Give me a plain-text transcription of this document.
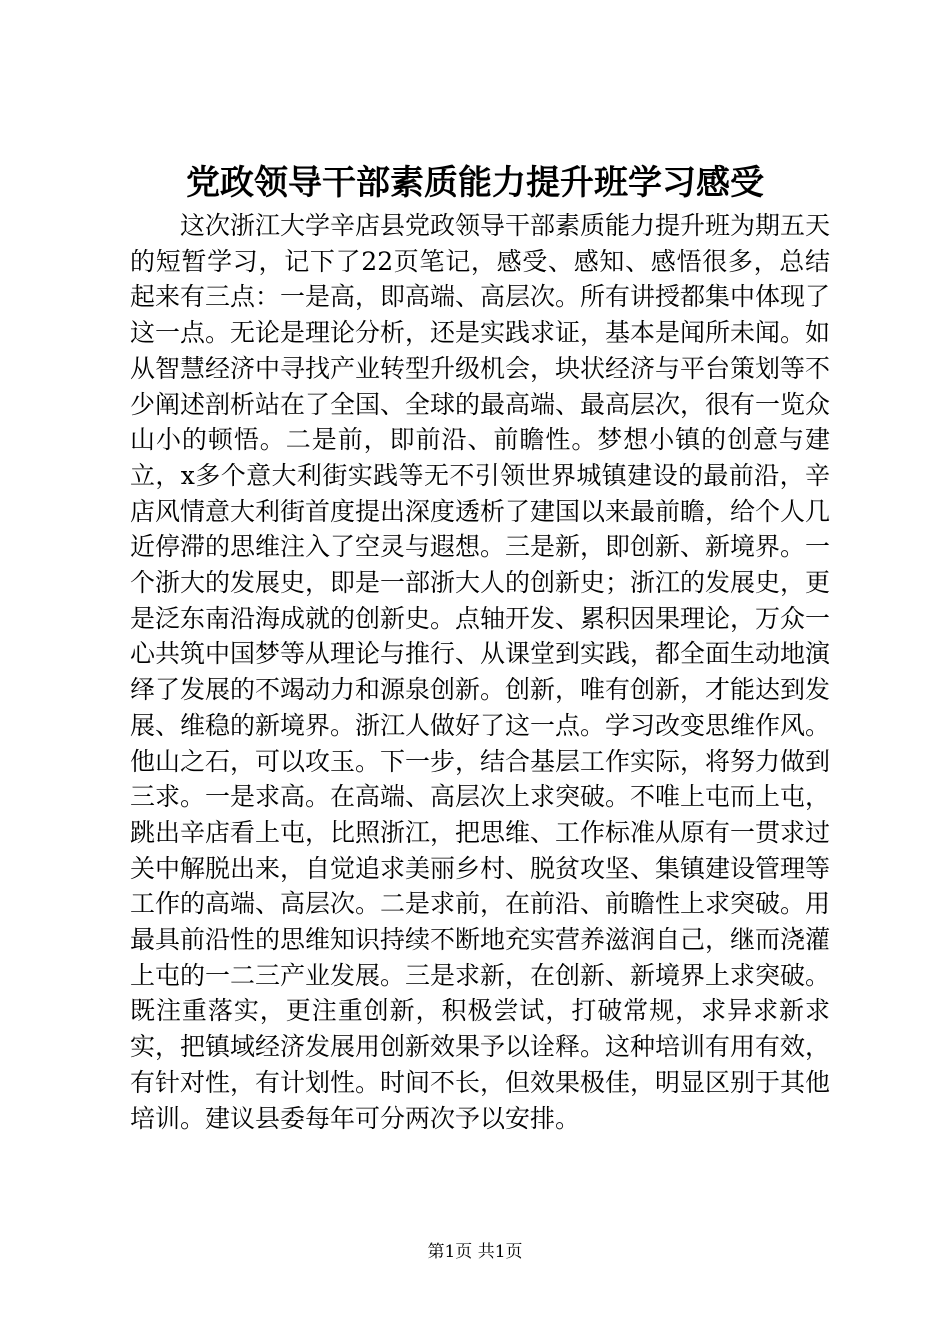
党政领导干部素质能力提升班学习感受

这次浙江大学辛店县党政领导干部素质能力提升班为期五天的短暂学习，记下了22页笔记，感受、感知、感悟很多，总结起来有三点：一是高，即高端、高层次。所有讲授都集中体现了这一点。无论是理论分析，还是实践求证，基本是闻所未闻。如从智慧经济中寻找产业转型升级机会，块状经济与平台策划等不少阐述剖析站在了全国、全球的最高端、最高层次，很有一览众山小的顿悟。二是前，即前沿、前瞻性。梦想小镇的创意与建立，x多个意大利街实践等无不引领世界城镇建设的最前沿，辛店风情意大利街首度提出深度透析了建国以来最前瞻，给个人几近停滞的思维注入了空灵与遐想。三是新，即创新、新境界。一个浙大的发展史，即是一部浙大人的创新史；浙江的发展史，更是泛东南沿海成就的创新史。点轴开发、累积因果理论，万众一心共筑中国梦等从理论与推行、从课堂到实践，都全面生动地演绎了发展的不竭动力和源泉创新。创新，唯有创新，才能达到发展、维稳的新境界。浙江人做好了这一点。学习改变思维作风。他山之石，可以攻玉。下一步，结合基层工作实际，将努力做到三求。一是求高。在高端、高层次上求突破。不唯上屯而上屯，跳出辛店看上屯，比照浙江，把思维、工作标准从原有一贯求过关中解脱出来，自觉追求美丽乡村、脱贫攻坚、集镇建设管理等工作的高端、高层次。二是求前，在前沿、前瞻性上求突破。用最具前沿性的思维知识持续不断地充实营养滋润自己，继而浇灌上屯的一二三产业发展。三是求新，在创新、新境界上求突破。既注重落实，更注重创新，积极尝试，打破常规，求异求新求实，把镇域经济发展用创新效果予以诠释。这种培训有用有效，有针对性，有计划性。时间不长，但效果极佳，明显区别于其他培训。建议县委每年可分两次予以安排。

第1页 共1页
